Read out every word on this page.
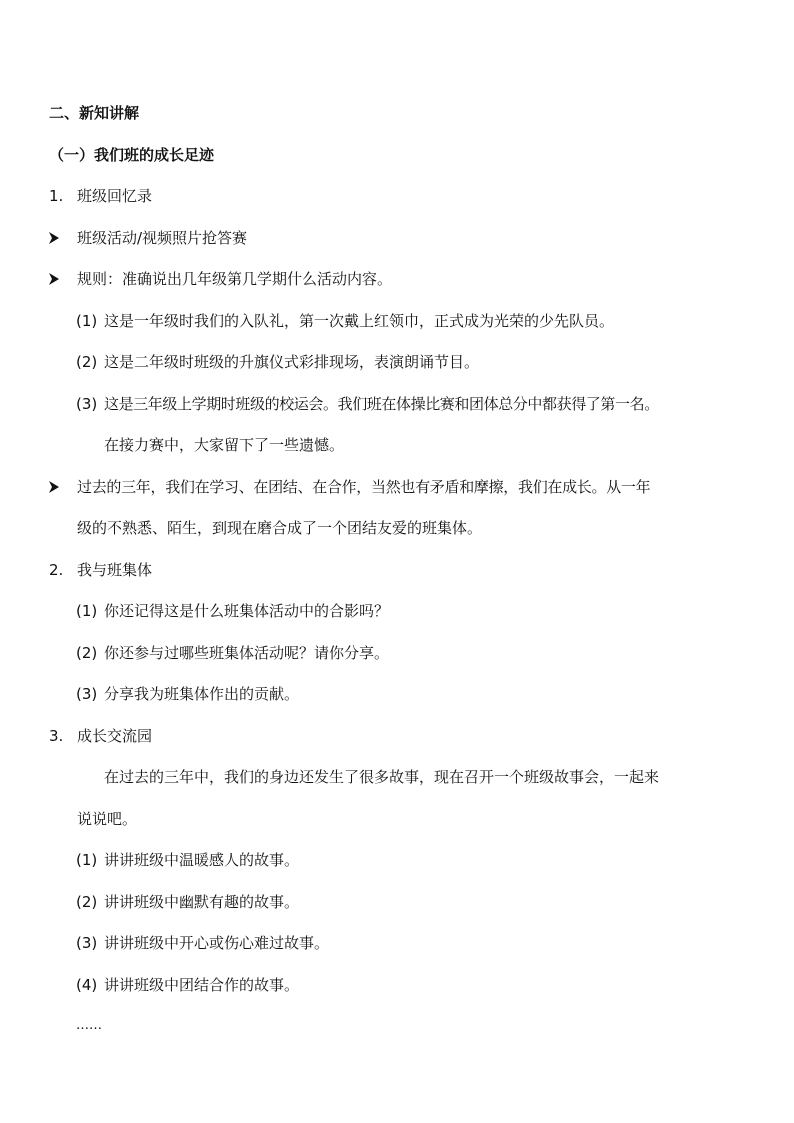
二、新知讲解
（一）我们班的成长足迹
1. 班级回忆录
班级活动/视频照片抢答赛
规则：准确说出几年级第几学期什么活动内容。
(1) 这是一年级时我们的入队礼，第一次戴上红领巾，正式成为光荣的少先队员。
(2) 这是二年级时班级的升旗仪式彩排现场，表演朗诵节目。
(3) 这是三年级上学期时班级的校运会。我们班在体操比赛和团体总分中都获得了第一名。
在接力赛中，大家留下了一些遗憾。
过去的三年，我们在学习、在团结、在合作，当然也有矛盾和摩擦，我们在成长。从一年
级的不熟悉、陌生，到现在磨合成了一个团结友爱的班集体。
2. 我与班集体
(1) 你还记得这是什么班集体活动中的合影吗？
(2) 你还参与过哪些班集体活动呢？请你分享。
(3) 分享我为班集体作出的贡献。
3. 成长交流园
在过去的三年中，我们的身边还发生了很多故事，现在召开一个班级故事会，一起来
说说吧。
(1) 讲讲班级中温暖感人的故事。
(2) 讲讲班级中幽默有趣的故事。
(3) 讲讲班级中开心或伤心难过故事。
(4) 讲讲班级中团结合作的故事。
……
